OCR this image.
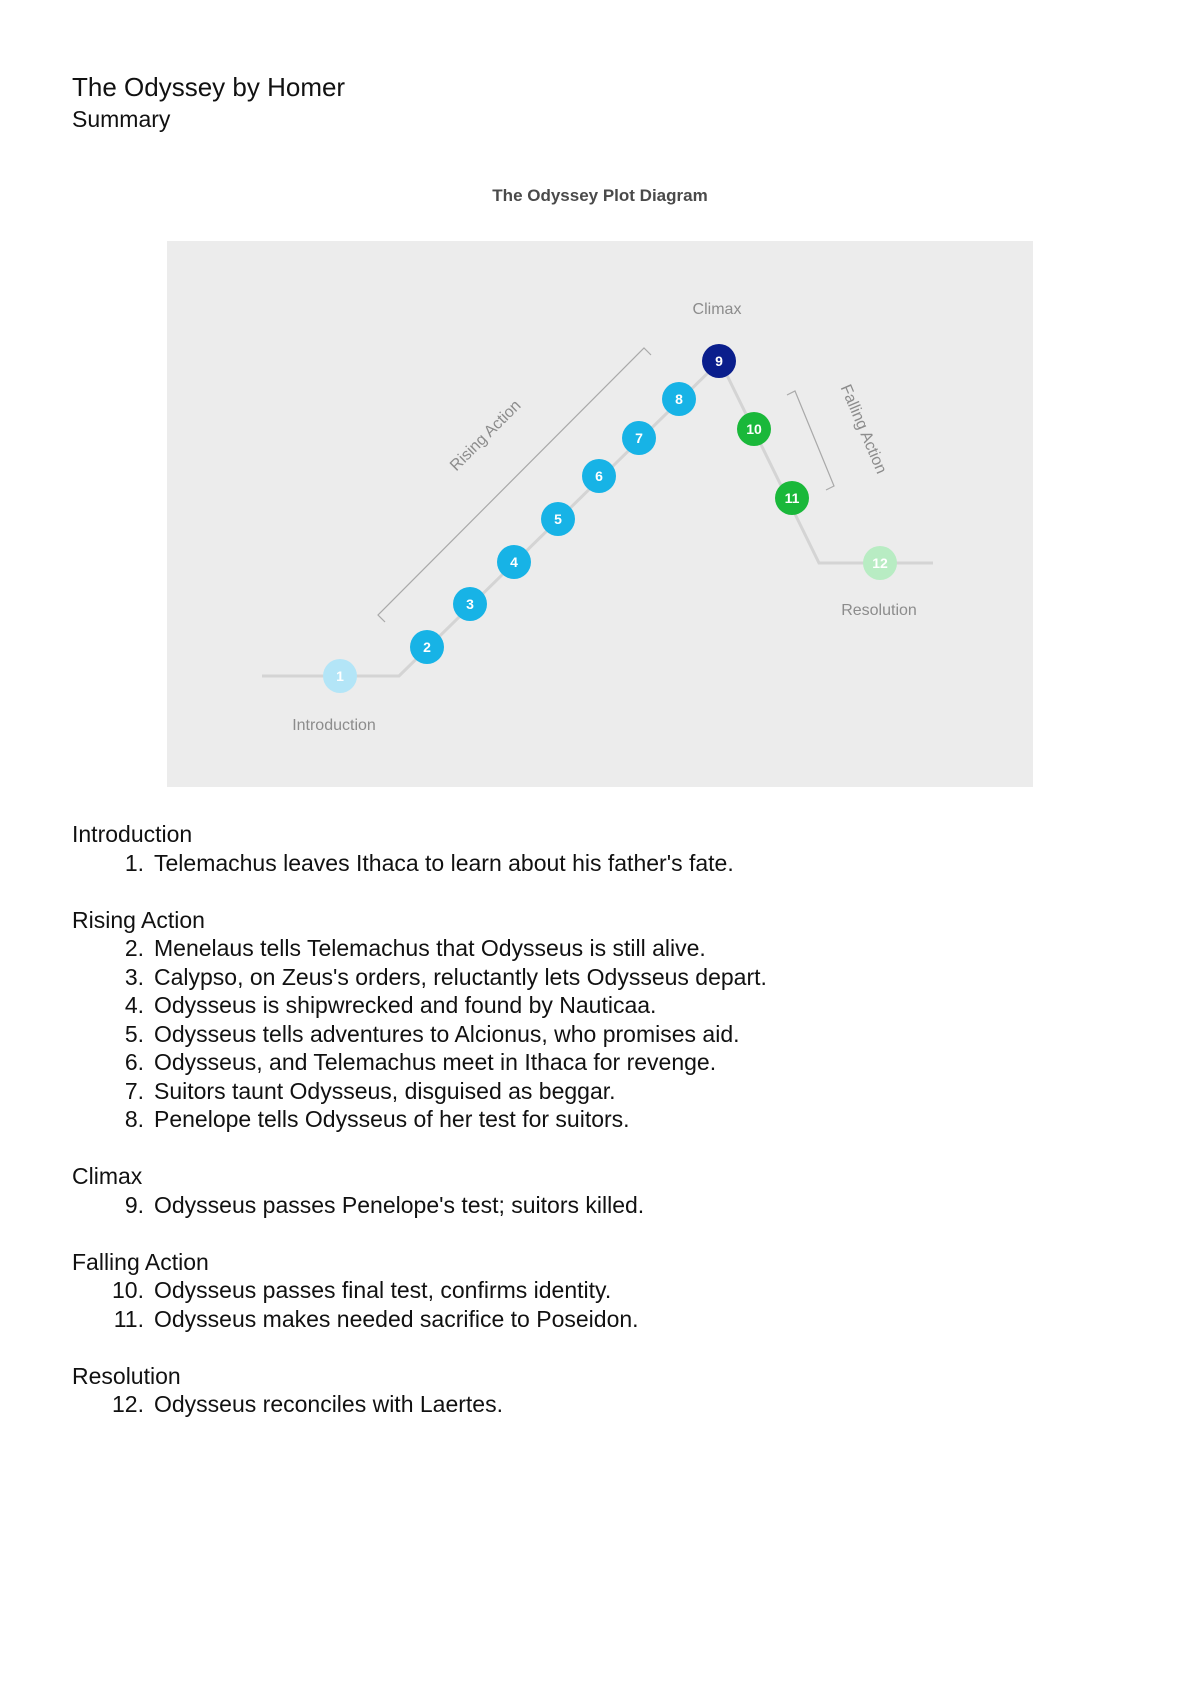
The Odyssey by Homer
Summary
The Odyssey Plot Diagram
Climax
Rising Action	Falling Action
Introduction
Resolution
1
2
3
4
5
6
7
8
9
10
11
12
Introduction
1. Telemachus leaves Ithaca to learn about his father's fate.
Rising Action
2. Menelaus tells Telemachus that Odysseus is still alive.
3. Calypso, on Zeus's orders, reluctantly lets Odysseus depart.
4. Odysseus is shipwrecked and found by Nauticaa.
5. Odysseus tells adventures to Alcionus, who promises aid.
6. Odysseus, and Telemachus meet in Ithaca for revenge.
7. Suitors taunt Odysseus, disguised as beggar.
8. Penelope tells Odysseus of her test for suitors.
Climax
9. Odysseus passes Penelope's test; suitors killed.
Falling Action
10. Odysseus passes final test, confirms identity.
11. Odysseus makes needed sacrifice to Poseidon.
Resolution
12. Odysseus reconciles with Laertes.
